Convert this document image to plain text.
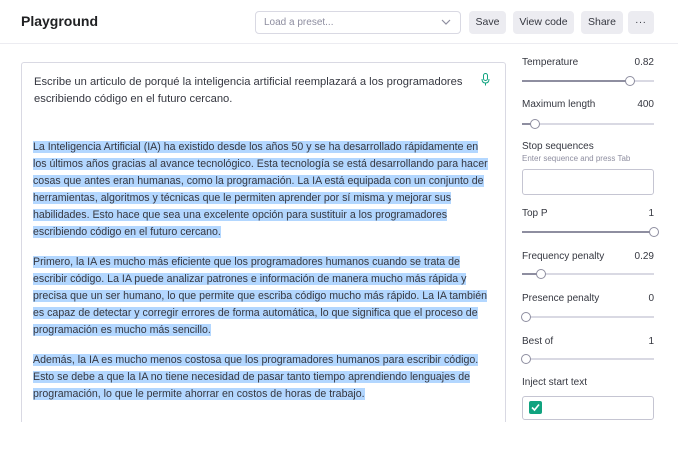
Playground	Load a preset...	Save	View code	Share	...
Escribe un articulo de porqué la inteligencia artificial reemplazará a los programadores escribiendo código en el futuro cercano.
La Inteligencia Artificial (IA) ha existido desde los años 50 y se ha desarrollado rápidamente en los últimos años gracias al avance tecnológico. Esta tecnología se está desarrollando para hacer cosas que antes eran humanas, como la programación. La IA está equipada con un conjunto de herramientas, algoritmos y técnicas que le permiten aprender por sí misma y mejorar sus habilidades. Esto hace que sea una excelente opción para sustituir a los programadores escribiendo código en el futuro cercano.
Primero, la IA es mucho más eficiente que los programadores humanos cuando se trata de escribir código. La IA puede analizar patrones e información de manera mucho más rápida y precisa que un ser humano, lo que permite que escriba código mucho más rápido. La IA también es capaz de detectar y corregir errores de forma automática, lo que significa que el proceso de programación es mucho más sencillo.
Además, la IA es mucho menos costosa que los programadores humanos para escribir código. Esto se debe a que la IA no tiene necesidad de pasar tanto tiempo aprendiendo lenguajes de programación, lo que le permite ahorrar en costos de horas de trabajo.
Temperature	0.82
Maximum length	400
Stop sequences
Enter sequence and press Tab
Top P	1
Frequency penalty	0.29
Presence penalty	0
Best of	1
Inject start text
